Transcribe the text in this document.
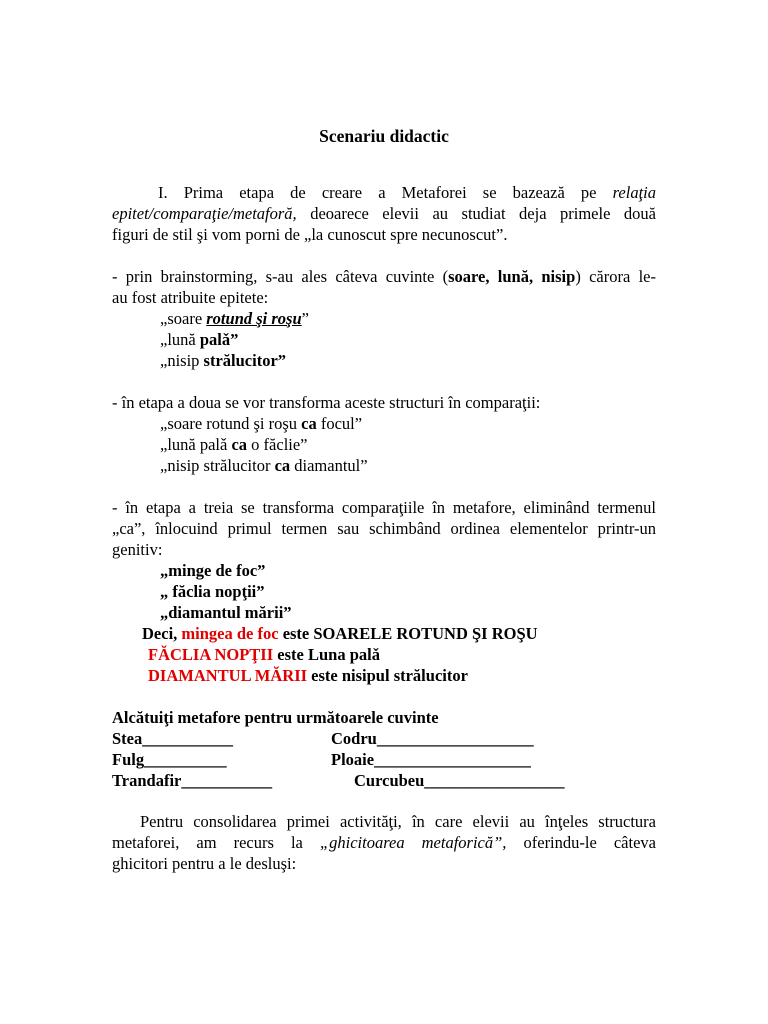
Scenariu didactic
I. Prima etapa de creare a Metaforei se bazează pe relaţia
epitet/comparaţie/metaforă, deoarece elevii au studiat deja primele două
figuri de stil şi vom porni de „la cunoscut spre necunoscut”.
- prin brainstorming, s-au ales câteva cuvinte (soare, lună, nisip) cărora le-
au fost atribuite epitete:
„soare rotund şi roşu”
„lună palǎ”
„nisip strălucitor”
- în etapa a doua se vor transforma aceste structuri în comparaţii:
„soare rotund şi roşu ca focul”
„lună palǎ ca o făclie”
„nisip strălucitor ca diamantul”
- în etapa a treia se transforma comparaţiile în metafore, eliminând termenul
„ca”, înlocuind primul termen sau schimbând ordinea elementelor printr-un
genitiv:
„minge de foc”
„ făclia nopţii”
„diamantul mării”
Deci, mingea de foc este SOARELE ROTUND ŞI ROŞU
FĂCLIA NOPŢII este Luna palǎ
DIAMANTUL MĂRII este nisipul strălucitor
Alcătuiţi metafore pentru următoarele cuvinte
Stea___________	Codru___________________
Fulg__________	Ploaie___________________
Trandafir___________	Curcubeu_________________
Pentru consolidarea primei activităţi, în care elevii au înţeles structura
metaforei, am recurs la „ghicitoarea metaforică”, oferindu-le câteva
ghicitori pentru a le desluşi:
